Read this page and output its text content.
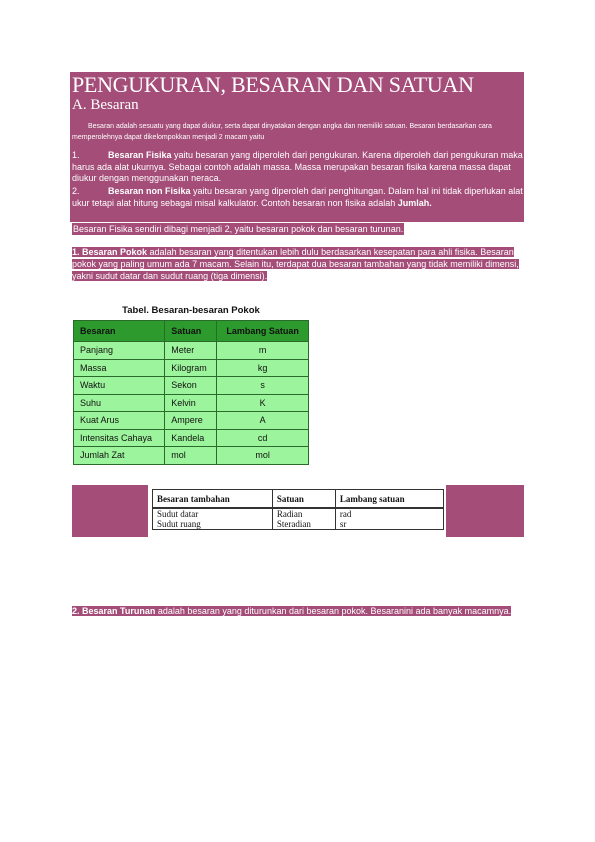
PENGUKURAN, BESARAN DAN SATUAN
A. Besaran

Besaran adalah sesuatu yang dapat diukur, serta dapat dinyatakan dengan angka dan memiliki satuan. Besaran berdasarkan cara memperolehnya dapat dikelompokkan menjadi 2 macam yaitu

1.	Besaran Fisika yaitu besaran yang diperoleh dari pengukuran. Karena diperoleh dari pengukuran maka harus ada alat ukurnya. Sebagai contoh adalah massa. Massa merupakan besaran fisika karena massa dapat diukur dengan menggunakan neraca.

2.	Besaran non Fisika yaitu besaran yang diperoleh dari penghitungan. Dalam hal ini tidak diperlukan alat ukur tetapi alat hitung sebagai misal kalkulator. Contoh besaran non fisika adalah Jumlah.

Besaran Fisika sendiri dibagi menjadi 2, yaitu besaran pokok dan besaran turunan.

1. Besaran Pokok adalah besaran yang ditentukan lebih dulu berdasarkan kesepatan para ahli fisika. Besaran pokok yang paling umum ada 7 macam. Selain itu, terdapat dua besaran tambahan yang tidak memiliki dimensi, yakni sudut datar dan sudut ruang (tiga dimensi).

Tabel. Besaran-besaran Pokok
Besaran	Satuan	Lambang Satuan
Panjang	Meter	m
Massa	Kilogram	kg
Waktu	Sekon	s
Suhu	Kelvin	K
Kuat Arus	Ampere	A
Intensitas Cahaya	Kandela	cd
Jumlah Zat	mol	mol
Besaran tambahan	Satuan	Lambang satuan
Sudut datar	Radian	rad
Sudut ruang	Steradian	sr

2. Besaran Turunan adalah besaran yang diturunkan dari besaran pokok. Besaranini ada banyak macamnya.
